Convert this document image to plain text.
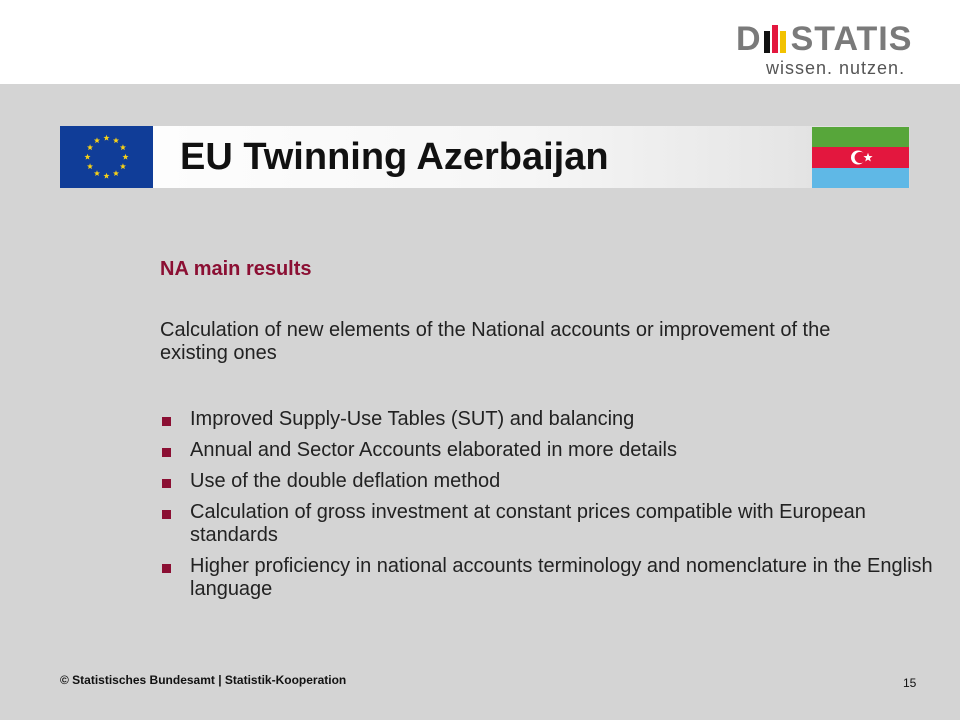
D STATIS
wissen. nutzen.
EU Twinning Azerbaijan
NA main results
Calculation of new elements of the National accounts or improvement of the existing ones
Improved Supply-Use Tables (SUT) and balancing
Annual and Sector Accounts elaborated in more details
Use of the double deflation method
Calculation of gross investment at constant prices compatible with European standards
Higher proficiency in national accounts terminology and nomenclature in the English language
© Statistisches Bundesamt | Statistik-Kooperation	15
